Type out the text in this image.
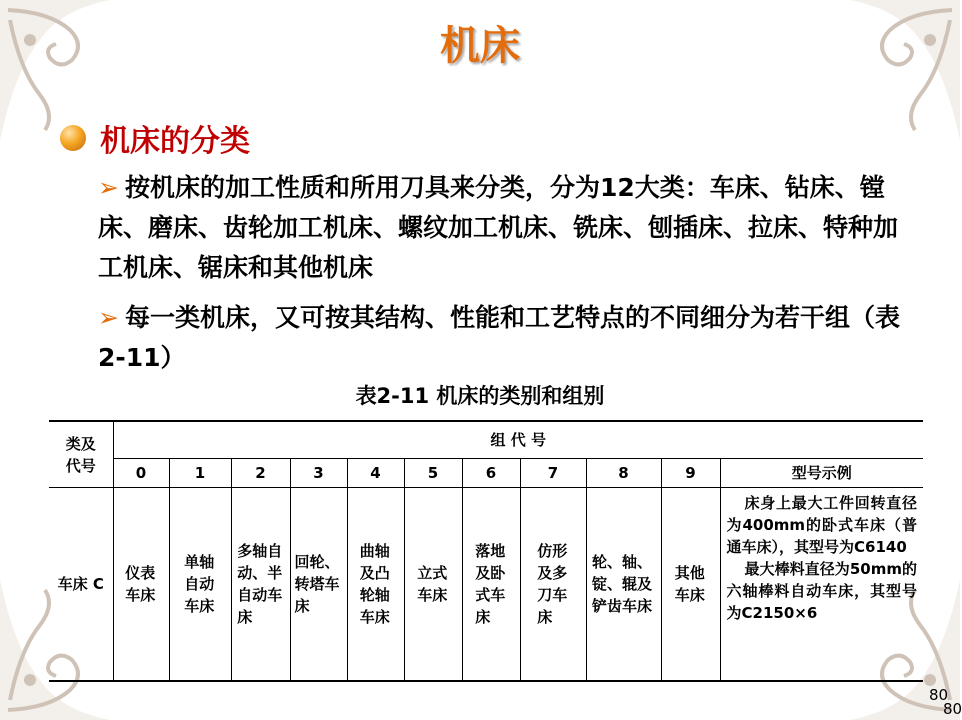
机床
机床的分类
➢ 按机床的加工性质和所用刀具来分类，分为12大类：车床、钻床、镗床、磨床、齿轮加工机床、螺纹加工机床、铣床、刨插床、拉床、特种加工机床、锯床和其他机床
➢ 每一类机床，又可按其结构、性能和工艺特点的不同细分为若干组（表2-11）
表2-11 机床的类别和组别
类及代号	组 代 号										
	0	1	2	3	4	5	6	7	8	9	型号示例
车床 C	仪表车床	单轴自动车床	多轴自动、半自动车床	回轮、转塔车床	曲轴及凸轮轴车床	立式车床	落地及卧式车床	仿形及多刀车床	轮、轴、锭、辊及铲齿车床	其他车床	床身上最大工件回转直径为400mm的卧式车床（普通车床），其型号为C6140

最大棒料直径为50mm的六轴棒料自动车床，其型号为C2150×6

80
80
